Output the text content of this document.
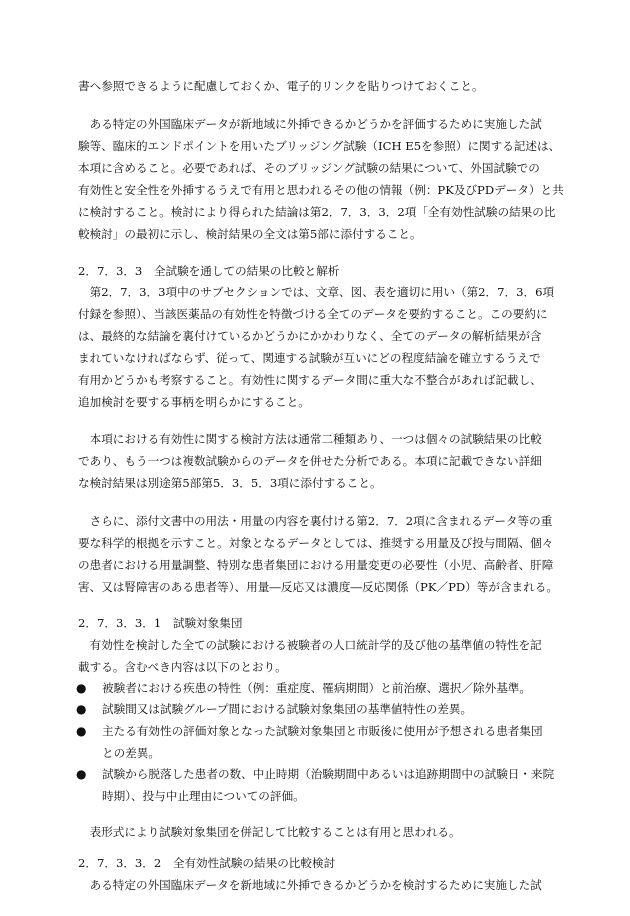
書へ参照できるように配慮しておくか、電子的リンクを貼りつけておくこと。
　ある特定の外国臨床データが新地域に外挿できるかどうかを評価するために実施した試
験等、臨床的エンドポイントを用いたブリッジング試験（ICH E5を参照）に関する記述は、
本項に含めること。必要であれば、そのブリッジング試験の結果について、外国試験での
有効性と安全性を外挿するうえで有用と思われるその他の情報（例：PK及びPDデータ）と共
に検討すること。検討により得られた結論は第2．7．3．3．2項「全有効性試験の結果の比
較検討」の最初に示し、検討結果の全文は第5部に添付すること。
2．7．3．3　全試験を通しての結果の比較と解析
　第2．7．3．3項中のサブセクションでは、文章、図、表を適切に用い（第2．7．3．6項
付録を参照）、当該医薬品の有効性を特徴づける全てのデータを要約すること。この要約に
は、最終的な結論を裏付けているかどうかにかかわりなく、全てのデータの解析結果が含
まれていなければならず、従って、関連する試験が互いにどの程度結論を確立するうえで
有用かどうかも考察すること。有効性に関するデータ間に重大な不整合があれば記載し、
追加検討を要する事柄を明らかにすること。
　本項における有効性に関する検討方法は通常二種類あり、一つは個々の試験結果の比較
であり、もう一つは複数試験からのデータを併せた分析である。本項に記載できない詳細
な検討結果は別途第5部第5．3．5．3項に添付すること。
　さらに、添付文書中の用法・用量の内容を裏付ける第2．7．2項に含まれるデータ等の重
要な科学的根拠を示すこと。対象となるデータとしては、推奨する用量及び投与間隔、個々
の患者における用量調整、特別な患者集団における用量変更の必要性（小児、高齢者、肝障
害、又は腎障害のある患者等）、用量―反応又は濃度―反応関係（PK／PD）等が含まれる。
2．7．3．3．1　試験対象集団
　有効性を検討した全ての試験における被験者の人口統計学的及び他の基準値の特性を記
載する。含むべき内容は以下のとおり。
● 被験者における疾患の特性（例：重症度、罹病期間）と前治療、選択／除外基準。
● 試験間又は試験グループ間における試験対象集団の基準値特性の差異。
● 主たる有効性の評価対象となった試験対象集団と市販後に使用が予想される患者集団
との差異。
● 試験から脱落した患者の数、中止時期（治験期間中あるいは追跡期間中の試験日・来院
時期）、投与中止理由についての評価。
　表形式により試験対象集団を併記して比較することは有用と思われる。
2．7．3．3．2　全有効性試験の結果の比較検討
　ある特定の外国臨床データを新地域に外挿できるかどうかを検討するために実施した試
